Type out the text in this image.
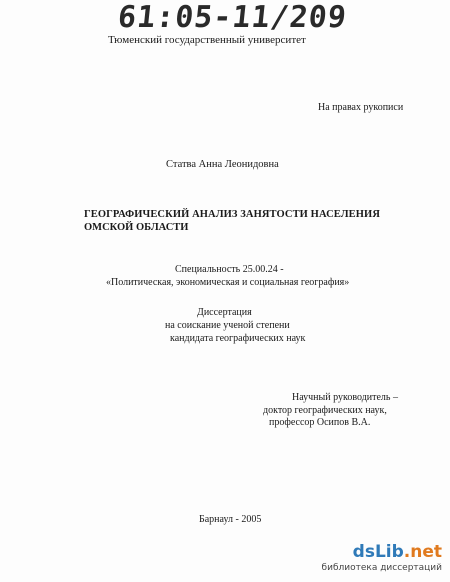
61:05-11/209
Тюменский государственный университет
На правах рукописи
Статва Анна Леонидовна
ГЕОГРАФИЧЕСКИЙ АНАЛИЗ ЗАНЯТОСТИ НАСЕЛЕНИЯ
ОМСКОЙ ОБЛАСТИ
Специальность 25.00.24 -
«Политическая, экономическая и социальная география»
Диссертация
на соискание ученой степени
кандидата географических наук
Научный руководитель –
доктор географических наук,
профессор Осипов В.А.
Барнаул - 2005
dsLib.net
библиотека диссертаций
